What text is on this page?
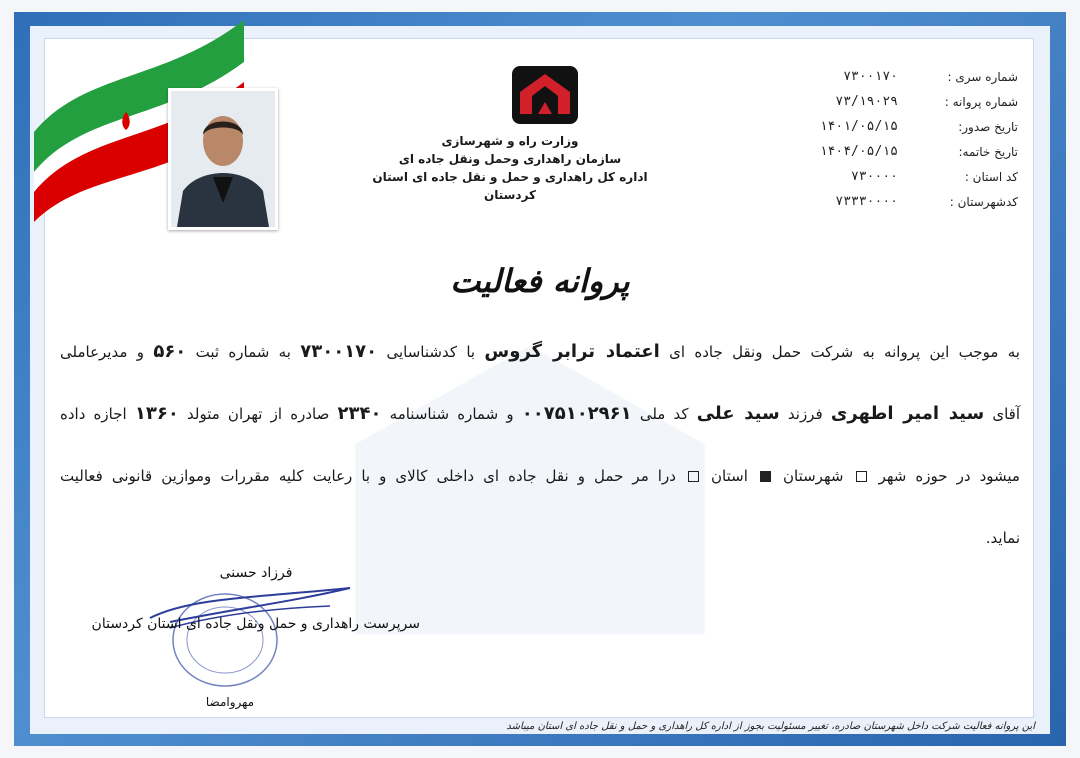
وزارت راه و شهرسازی
سازمان راهداری وحمل ونقل جاده ای
اداره کل راهداری و حمل و نقل جاده ای استان کردستان
شماره سری :
۷۳۰۰۱۷۰
شماره پروانه :
۷۳/۱۹۰۲۹
تاریخ صدور:
۱۴۰۱/۰۵/۱۵
تاریخ خاتمه:
۱۴۰۴/۰۵/۱۵
کد استان :
۷۳۰۰۰۰
کدشهرستان :
۷۳۳۳۰۰۰۰
پروانه فعالیت
به موجب این پروانه به شرکت حمل ونقل جاده ای اعتماد ترابر گروس با کدشناسایی ۷۳۰۰۱۷۰ به شماره ثبت ۵۶۰ و مدیرعاملی
آقای سید امیر اطهری فرزند سید علی کد ملی ۰۰۷۵۱۰۲۹۶۱ و شماره شناسنامه ۲۳۴۰ صادره از تهران متولد ۱۳۶۰ اجازه داده
میشود در حوزه شهر  شهرستان  استان  درا مر حمل و نقل جاده ای داخلی کالای و با رعایت کلیه مقررات وموازین قانونی فعالیت
نماید.
فرزاد حسنی
سرپرست راهداری و حمل ونقل جاده ای استان کردستان
مهروامضا
این پروانه فعالیت شرکت داخل شهرستان صادره، تغییر مسئولیت بجوز از اداره کل راهداری و حمل و نقل جاده ای استان میباشد
